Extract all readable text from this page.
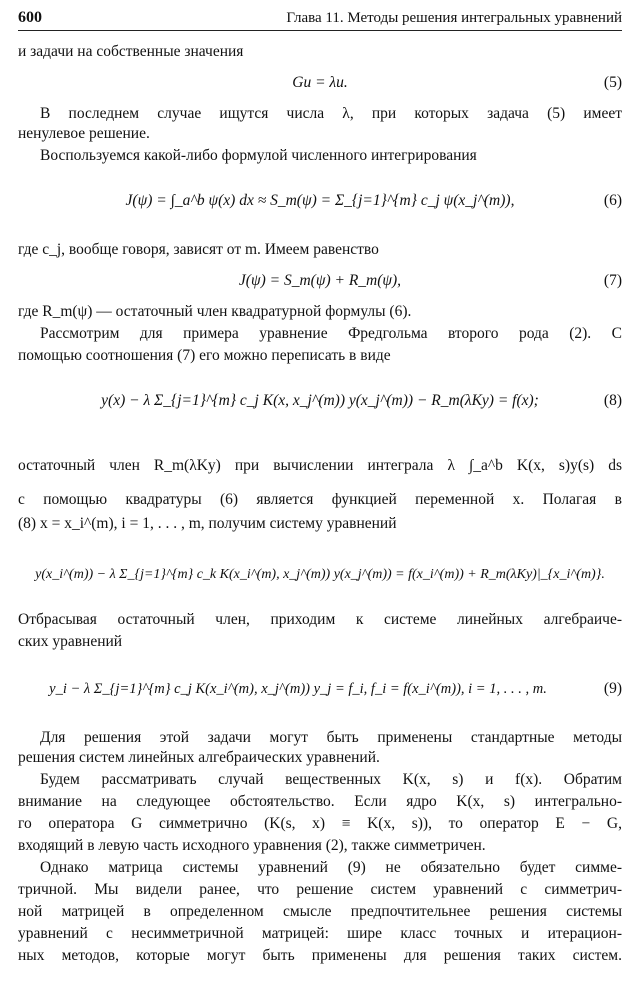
600	Глава 11. Методы решения интегральных уравнений
и задачи на собственные значения
Gu = λu.	(5)
В последнем случае ищутся числа λ, при которых задача (5) имеет
ненулевое решение.
Воспользуемся какой-либо формулой численного интегрирования
J(ψ) = ∫_a^b ψ(x) dx ≈ S_m(ψ) = Σ_{j=1}^{m} c_j ψ(x_j^(m)),	(6)
где c_j, вообще говоря, зависят от m. Имеем равенство
J(ψ) = S_m(ψ) + R_m(ψ),	(7)
где R_m(ψ) — остаточный член квадратурной формулы (6).
Рассмотрим для примера уравнение Фредгольма второго рода (2). С
помощью соотношения (7) его можно переписать в виде
y(x) − λ Σ_{j=1}^{m} c_j K(x, x_j^(m)) y(x_j^(m)) − R_m(λKy) = f(x);	(8)
остаточный член R_m(λKy) при вычислении интеграла λ ∫_a^b K(x, s)y(s) ds
с помощью квадратуры (6) является функцией переменной x. Полагая в
(8) x = x_i^(m), i = 1, . . . , m, получим систему уравнений
y(x_i^(m)) − λ Σ_{j=1}^{m} c_k K(x_i^(m), x_j^(m)) y(x_j^(m)) = f(x_i^(m)) + R_m(λKy)|_{x_i^(m)}.
Отбрасывая остаточный член, приходим к системе линейных алгебраиче-
ских уравнений
y_i − λ Σ_{j=1}^{m} c_j K(x_i^(m), x_j^(m)) y_j = f_i, f_i = f(x_i^(m)), i = 1, . . . , m.	(9)
Для решения этой задачи могут быть применены стандартные методы
решения систем линейных алгебраических уравнений.
Будем рассматривать случай вещественных K(x, s) и f(x). Обратим
внимание на следующее обстоятельство. Если ядро K(x, s) интегрально-
го оператора G симметрично (K(s, x) ≡ K(x, s)), то оператор E − G,
входящий в левую часть исходного уравнения (2), также симметричен.
Однако матрица системы уравнений (9) не обязательно будет симме-
тричной. Мы видели ранее, что решение систем уравнений с симметрич-
ной матрицей в определенном смысле предпочтительнее решения системы
уравнений с несимметричной матрицей: шире класс точных и итерацион-
ных методов, которые могут быть применены для решения таких систем.
